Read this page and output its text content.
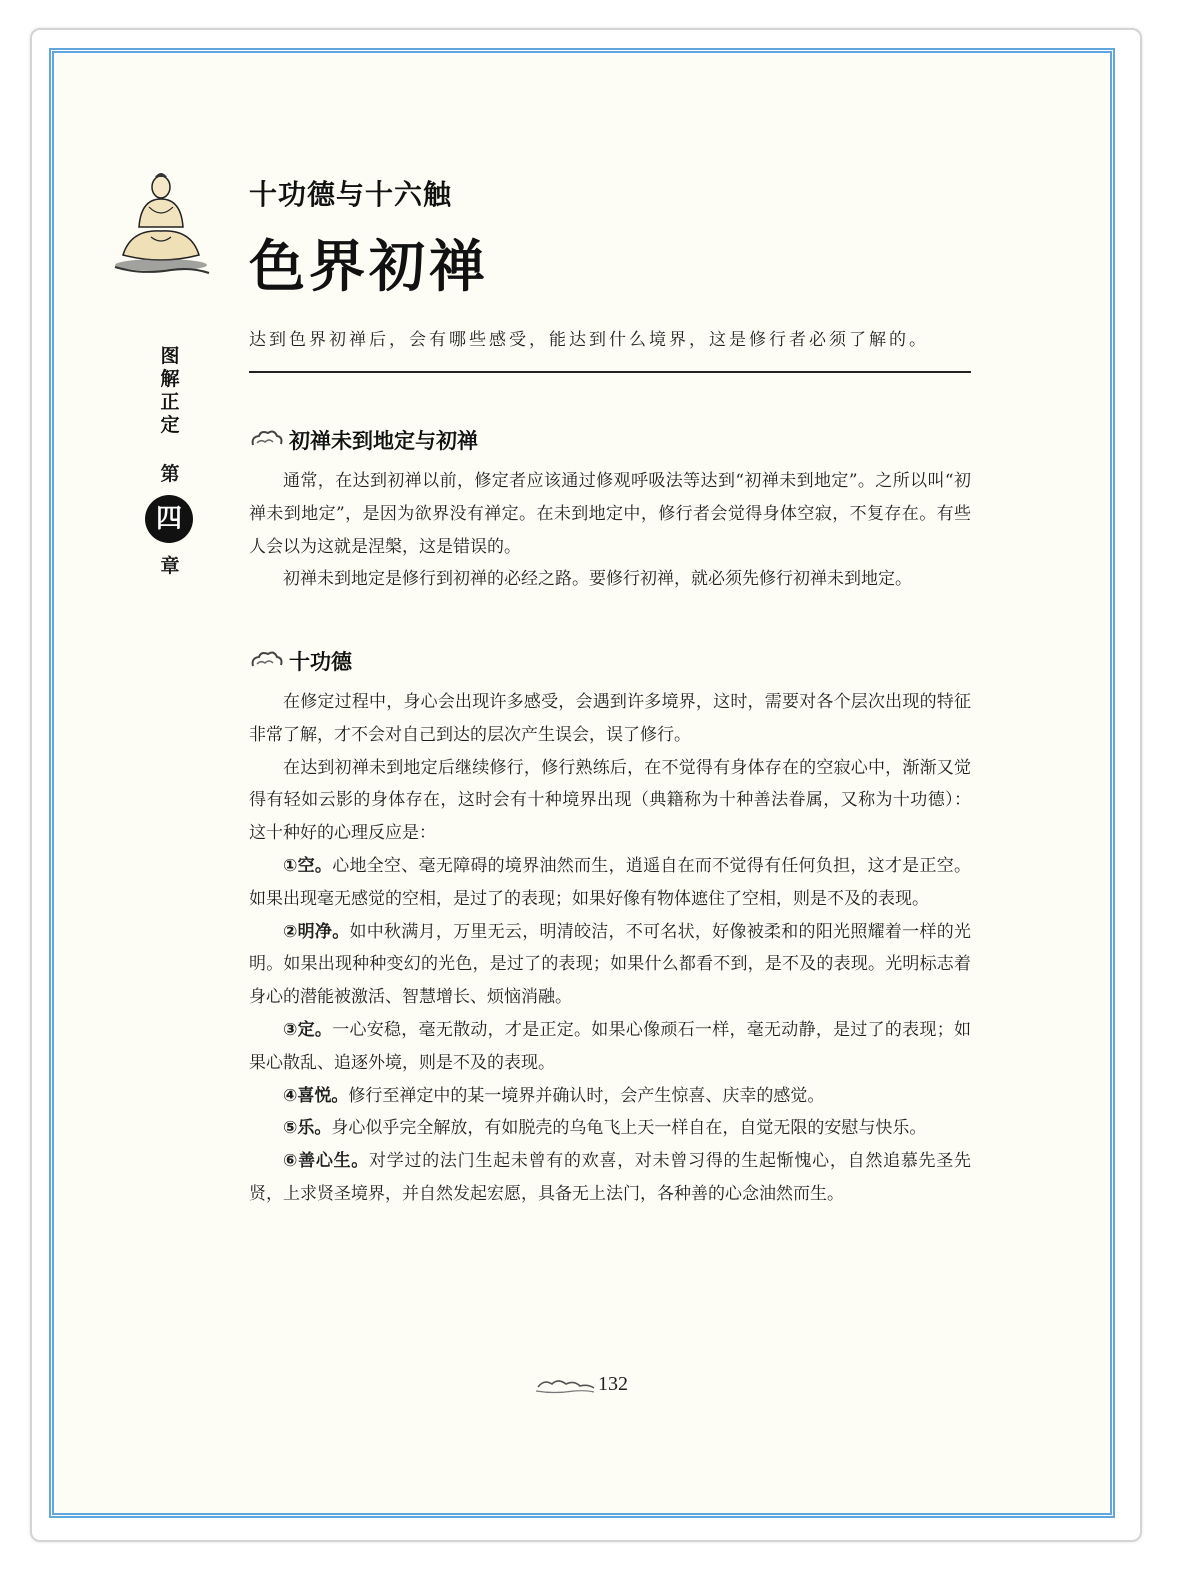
十功德与十六触
色界初禅
达到色界初禅后，会有哪些感受，能达到什么境界，这是修行者必须了解的。
图
解
正
定
第
四
章
初禅未到地定与初禅

通常，在达到初禅以前，修定者应该通过修观呼吸法等达到“初禅未到地定”。之所以叫“初禅未到地定”，是因为欲界没有禅定。在未到地定中，修行者会觉得身体空寂，不复存在。有些人会以为这就是涅槃，这是错误的。

初禅未到地定是修行到初禅的必经之路。要修行初禅，就必须先修行初禅未到地定。

十功德

在修定过程中，身心会出现许多感受，会遇到许多境界，这时，需要对各个层次出现的特征非常了解，才不会对自己到达的层次产生误会，误了修行。

在达到初禅未到地定后继续修行，修行熟练后，在不觉得有身体存在的空寂心中，渐渐又觉得有轻如云影的身体存在，这时会有十种境界出现（典籍称为十种善法眷属，又称为十功德）：这十种好的心理反应是：

①空。心地全空、毫无障碍的境界油然而生，逍遥自在而不觉得有任何负担，这才是正空。如果出现毫无感觉的空相，是过了的表现；如果好像有物体遮住了空相，则是不及的表现。

②明净。如中秋满月，万里无云，明清皎洁，不可名状，好像被柔和的阳光照耀着一样的光明。如果出现种种变幻的光色，是过了的表现；如果什么都看不到，是不及的表现。光明标志着身心的潜能被激活、智慧增长、烦恼消融。

③定。一心安稳，毫无散动，才是正定。如果心像顽石一样，毫无动静，是过了的表现；如果心散乱、追逐外境，则是不及的表现。

④喜悦。修行至禅定中的某一境界并确认时，会产生惊喜、庆幸的感觉。

⑤乐。身心似乎完全解放，有如脱壳的乌龟飞上天一样自在，自觉无限的安慰与快乐。

⑥善心生。对学过的法门生起未曾有的欢喜，对未曾习得的生起惭愧心，自然追慕先圣先贤，上求贤圣境界，并自然发起宏愿，具备无上法门，各种善的心念油然而生。

132
